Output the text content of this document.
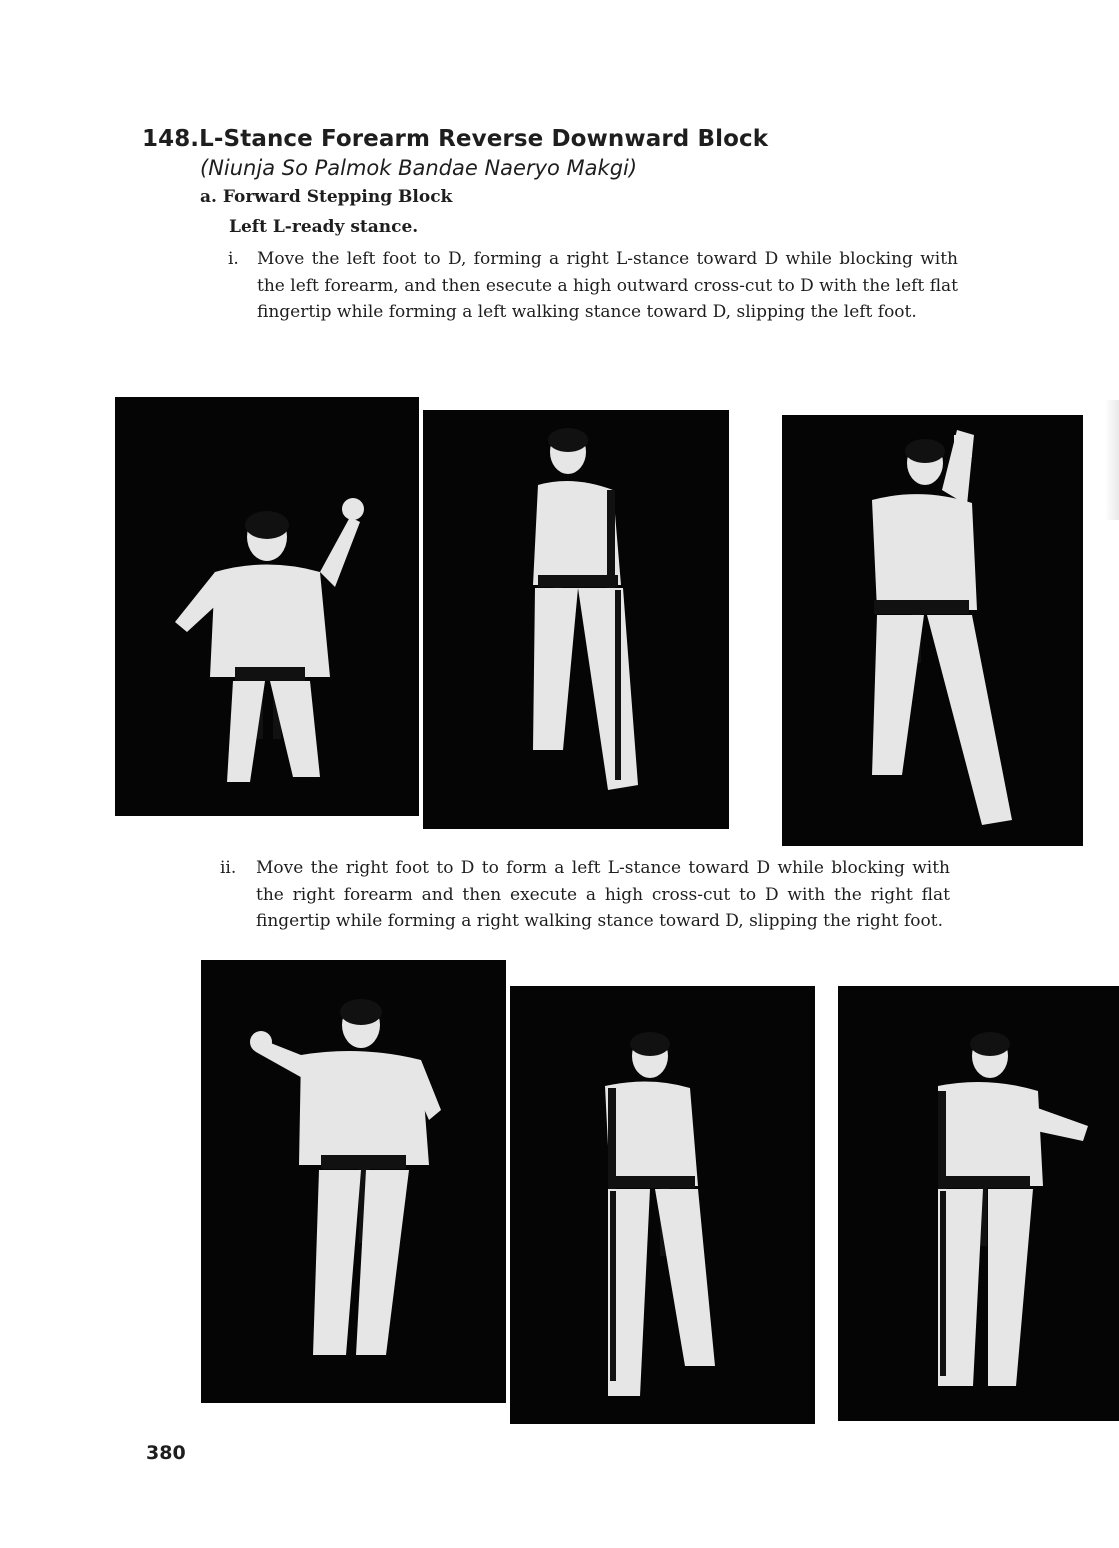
148.L-Stance Forearm Reverse Downward Block
(Niunja So Palmok Bandae Naeryo Makgi)
a. Forward Stepping Block
Left L-ready stance.
i. Move the left foot to D, forming a right L-stance toward D while blocking with the left forearm, and then esecute a high outward cross-cut to D with the left flat fingertip while forming a left walking stance toward D, slipping the left foot.
ii. Move the right foot to D to form a left L-stance toward D while blocking with the right forearm and then execute a high cross-cut to D with the right flat fingertip while forming a right walking stance toward D, slipping the right foot.
380
